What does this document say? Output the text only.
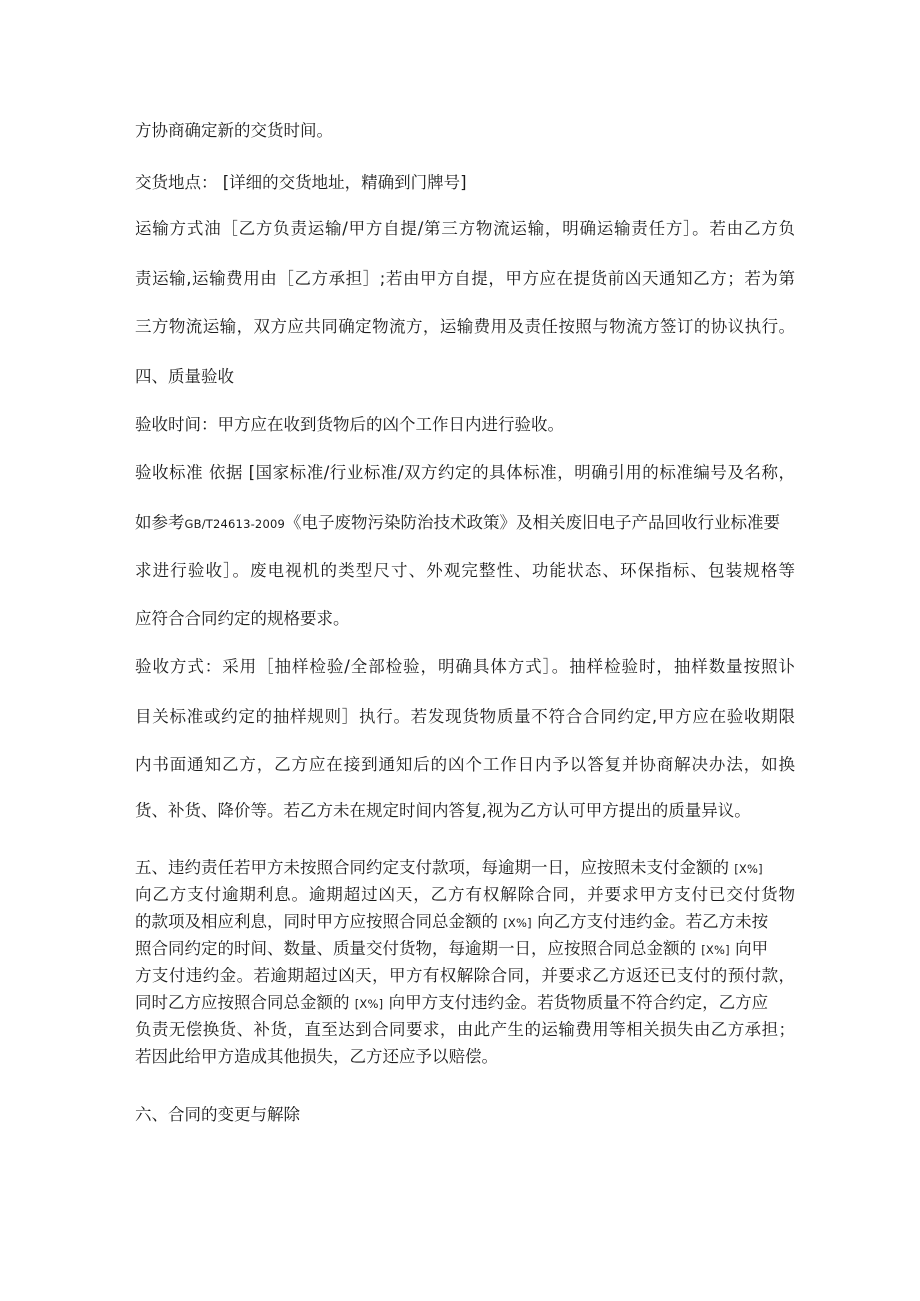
方协商确定新的交货时间。
交货地点： [详细的交货地址，精确到门牌号]
运输方式油［乙方负责运输/甲方自提/第三方物流运输，明确运输责任方］。若由乙方负
责运输,运输费用由［乙方承担］;若由甲方自提，甲方应在提货前凶天通知乙方；若为第
三方物流运输，双方应共同确定物流方，运输费用及责任按照与物流方签订的协议执行。
四、质量验收
验收时间：甲方应在收到货物后的凶个工作日内进行验收。
验收标准 依据 [国家标准/行业标准/双方约定的具体标准，明确引用的标准编号及名称，
如参考GB/T24613-2009《电子废物污染防治技术政策》及相关废旧电子产品回收行业标准要
求进行验收］。废电视机的类型尺寸、外观完整性、功能状态、环保指标、包装规格等
应符合合同约定的规格要求。
验收方式：采用［抽样检验/全部检验，明确具体方式］。抽样检验时，抽样数量按照讣
目关标准或约定的抽样规则］执行。若发现货物质量不符合合同约定,甲方应在验收期限
内书面通知乙方，乙方应在接到通知后的凶个工作日内予以答复并协商解决办法，如换
货、补货、降价等。若乙方未在规定时间内答复,视为乙方认可甲方提出的质量异议。
五、违约责任若甲方未按照合同约定支付款项，每逾期一日，应按照未支付金额的 [X%]
向乙方支付逾期利息。逾期超过凶天，乙方有权解除合同，并要求甲方支付已交付货物
的款项及相应利息，同时甲方应按照合同总金额的 [X%] 向乙方支付违约金。若乙方未按
照合同约定的时间、数量、质量交付货物，每逾期一日，应按照合同总金额的 [X%] 向甲
方支付违约金。若逾期超过凶天，甲方有权解除合同，并要求乙方返还已支付的预付款，
同时乙方应按照合同总金额的 [X%] 向甲方支付违约金。若货物质量不符合约定，乙方应
负责无偿换货、补货，直至达到合同要求，由此产生的运输费用等相关损失由乙方承担；
若因此给甲方造成其他损失，乙方还应予以赔偿。
六、合同的变更与解除
